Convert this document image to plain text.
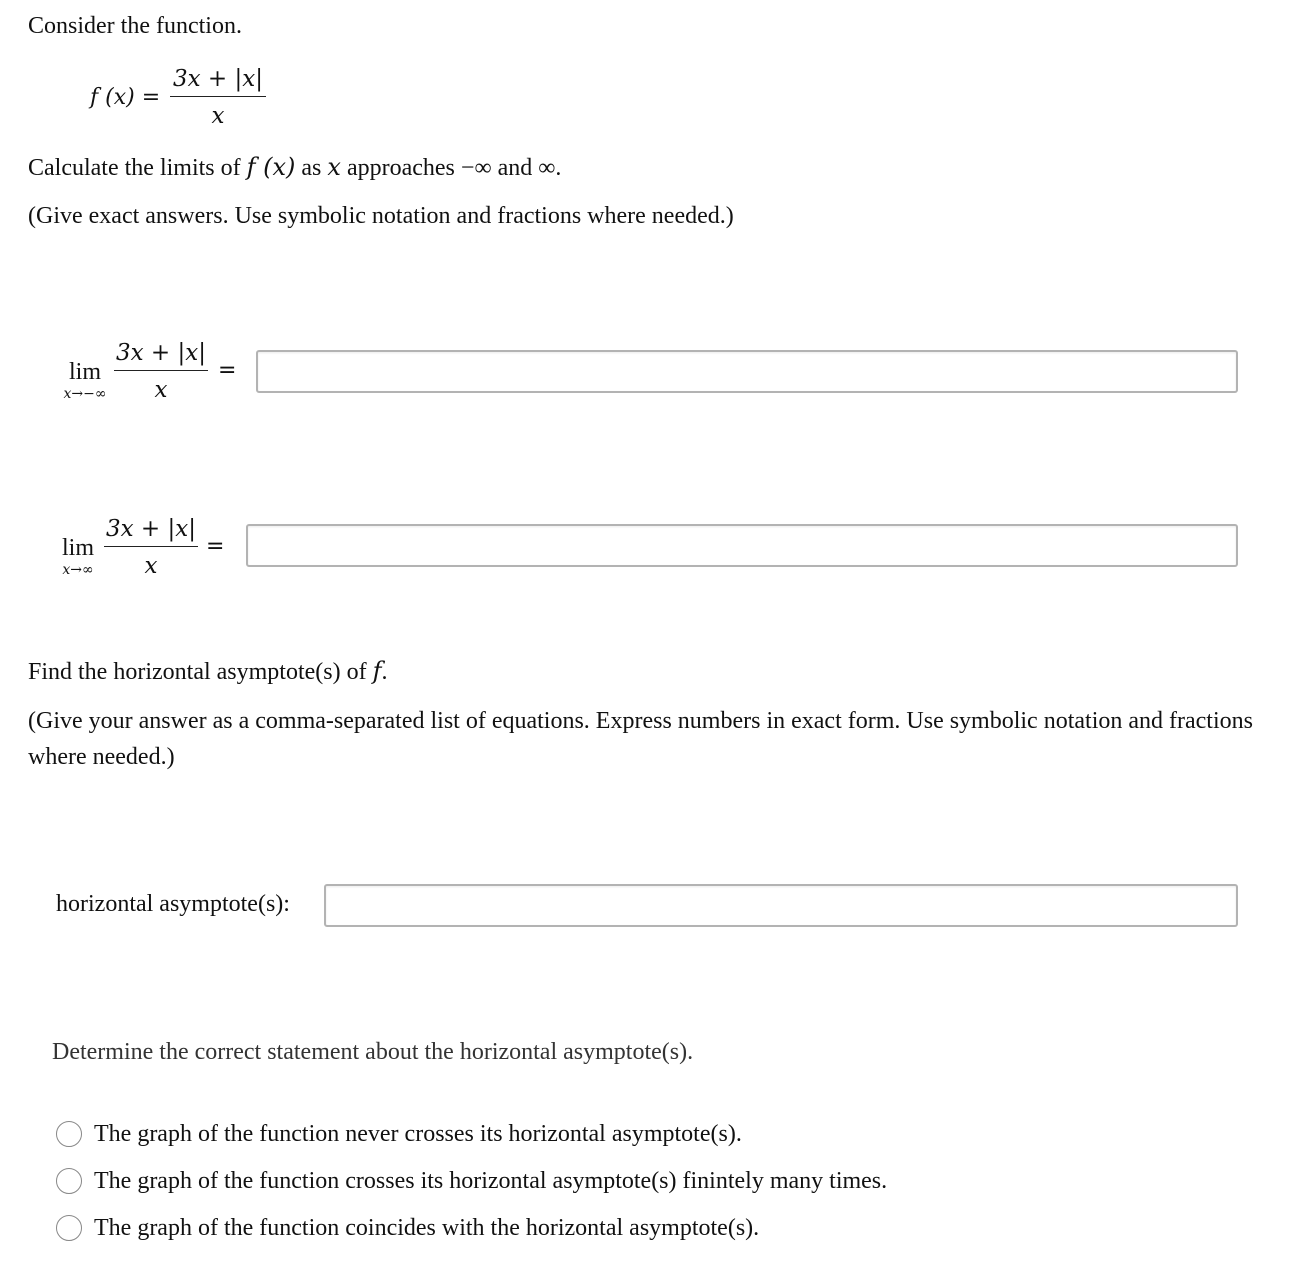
Consider the function.
f (x) =
3x + |x|
x
Calculate the limits of f (x) as x approaches −∞ and ∞.
(Give exact answers. Use symbolic notation and fractions where needed.)
lim
x→−∞
3x + |x|
x
=
lim
x→∞
3x + |x|
x
=
Find the horizontal asymptote(s) of f.
(Give your answer as a comma-separated list of equations. Express numbers in exact form. Use symbolic notation and fractions
where needed.)
horizontal asymptote(s):
Determine the correct statement about the horizontal asymptote(s).
The graph of the function never crosses its horizontal asymptote(s).
The graph of the function crosses its horizontal asymptote(s) finintely many times.
The graph of the function coincides with the horizontal asymptote(s).
